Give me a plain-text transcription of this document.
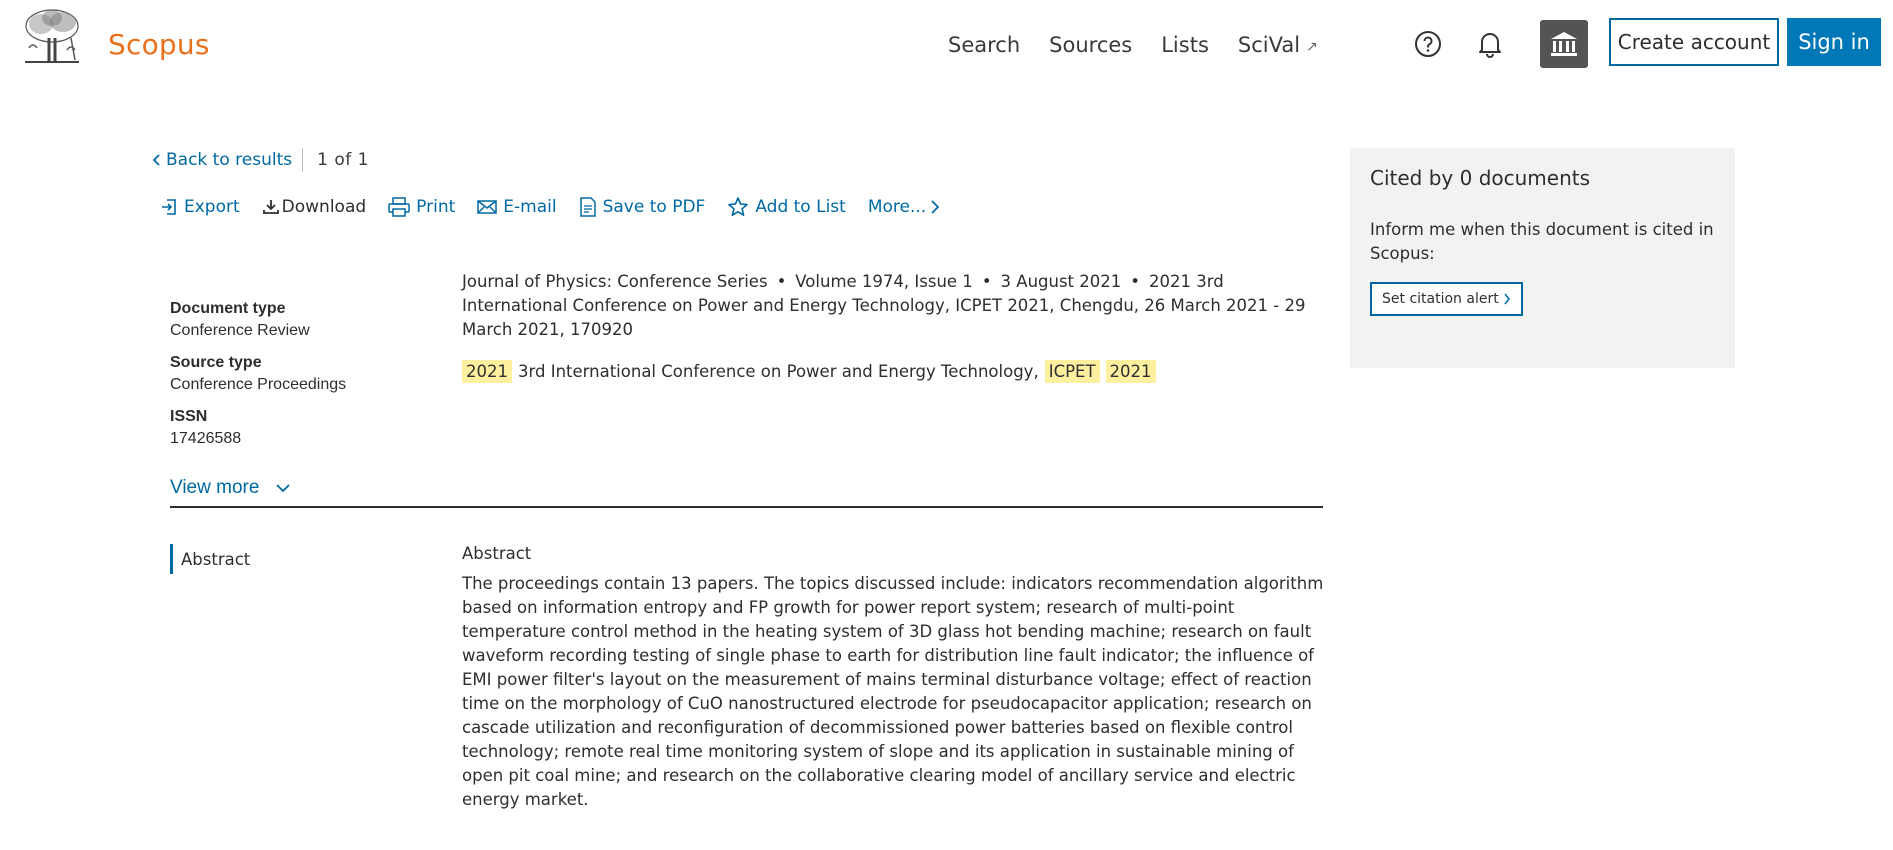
Scopus	Search Sources Lists SciVal ↗	Create account	Sign in
Back to results 1 of 1
Export Download	Print	E-mail	Save to PDF	Add to List More...
Journal of Physics: Conference Series • Volume 1974, Issue 1 • 3 August 2021 • 2021 3rd International Conference on Power and Energy Technology, ICPET 2021, Chengdu, 26 March 2021 - 29 March 2021, 170920
2021 3rd International Conference on Power and Energy Technology, ICPET 2021
Document type
Conference Review
Source type
Conference Proceedings
ISSN
17426588
View more
Abstract	Abstract
The proceedings contain 13 papers. The topics discussed include: indicators recommendation algorithm based on information entropy and FP growth for power report system; research of multi-point temperature control method in the heating system of 3D glass hot bending machine; research on fault waveform recording testing of single phase to earth for distribution line fault indicator; the influence of EMI power filter's layout on the measurement of mains terminal disturbance voltage; effect of reaction time on the morphology of CuO nanostructured electrode for pseudocapacitor application; research on cascade utilization and reconfiguration of decommissioned power batteries based on flexible control technology; remote real time monitoring system of slope and its application in sustainable mining of open pit coal mine; and research on the collaborative clearing model of ancillary service and electric energy market.
Cited by 0 documents
Inform me when this document is cited in Scopus:
Set citation alert
